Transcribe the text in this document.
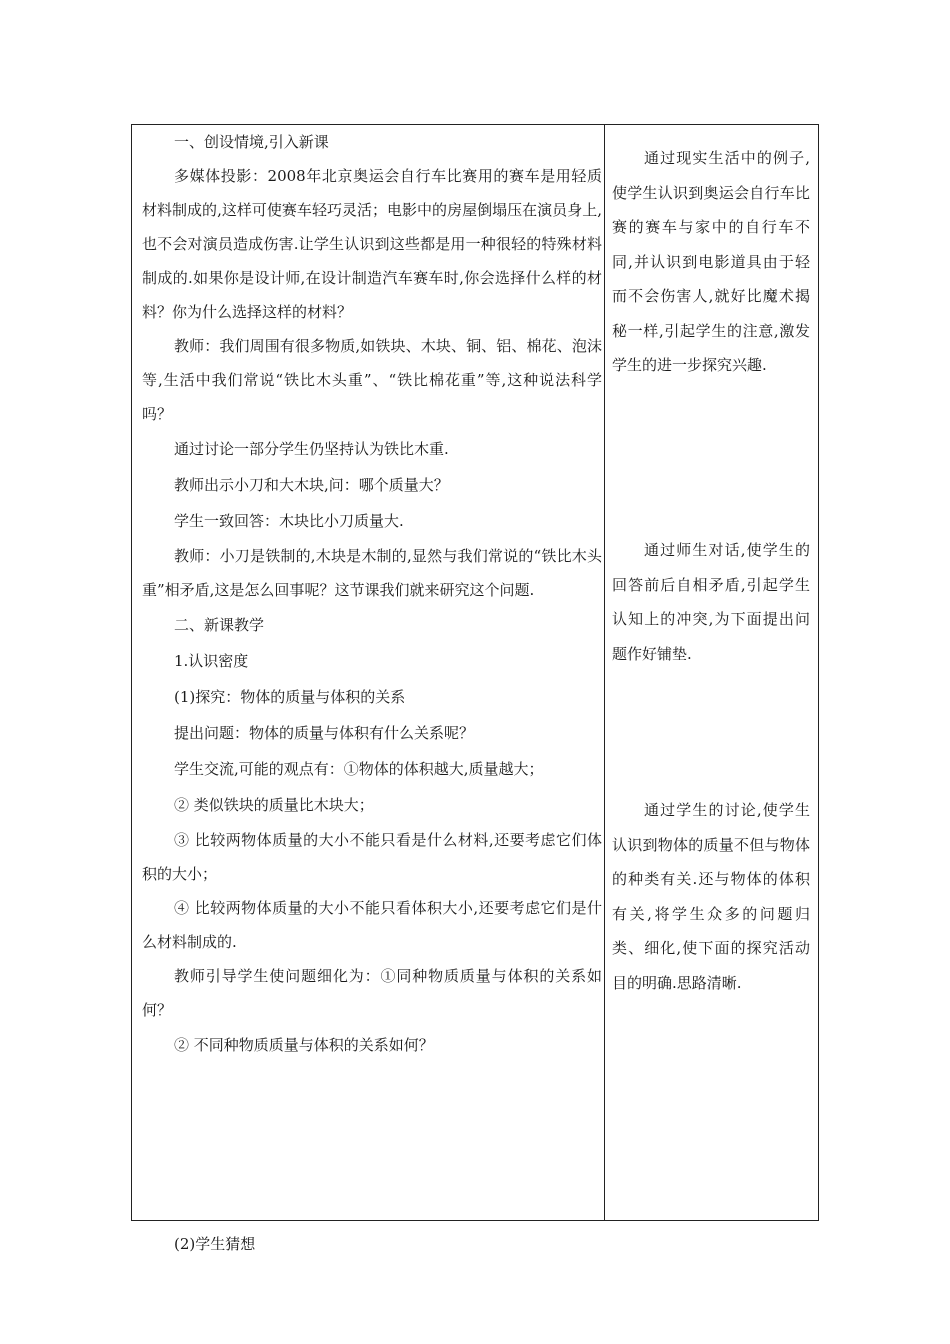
一、创设情境,引入新课

多媒体投影：2008年北京奥运会自行车比赛用的赛车是用轻质材料制成的,这样可使赛车轻巧灵活；电影中的房屋倒塌压在演员身上,也不会对演员造成伤害.让学生认识到这些都是用一种很轻的特殊材料制成的.如果你是设计师,在设计制造汽车赛车时,你会选择什么样的材料？你为什么选择这样的材料？

教师：我们周围有很多物质,如铁块、木块、铜、铝、棉花、泡沫等,生活中我们常说“铁比木头重”、“铁比棉花重”等,这种说法科学吗？

通过讨论一部分学生仍坚持认为铁比木重.

教师出示小刀和大木块,问：哪个质量大？

学生一致回答：木块比小刀质量大.

教师：小刀是铁制的,木块是木制的,显然与我们常说的“铁比木头重”相矛盾,这是怎么回事呢？这节课我们就来研究这个问题.

二、新课教学

1.认识密度

(1)探究：物体的质量与体积的关系

提出问题：物体的质量与体积有什么关系呢？

学生交流,可能的观点有：①物体的体积越大,质量越大；

② 类似铁块的质量比木块大；

③ 比较两物体质量的大小不能只看是什么材料,还要考虑它们体积的大小；

④ 比较两物体质量的大小不能只看体积大小,还要考虑它们是什么材料制成的.

教师引导学生使问题细化为：①同种物质质量与体积的关系如何？

② 不同种物质质量与体积的关系如何？

通过现实生活中的例子,使学生认识到奥运会自行车比赛的赛车与家中的自行车不同,并认识到电影道具由于轻而不会伤害人,就好比魔术揭秘一样,引起学生的注意,激发学生的进一步探究兴趣.

通过师生对话,使学生的回答前后自相矛盾,引起学生认知上的冲突,为下面提出问题作好铺垫.

通过学生的讨论,使学生认识到物体的质量不但与物体的种类有关.还与物体的体积有关,将学生众多的问题归类、细化,使下面的探究活动目的明确.思路清晰.

(2)学生猜想
